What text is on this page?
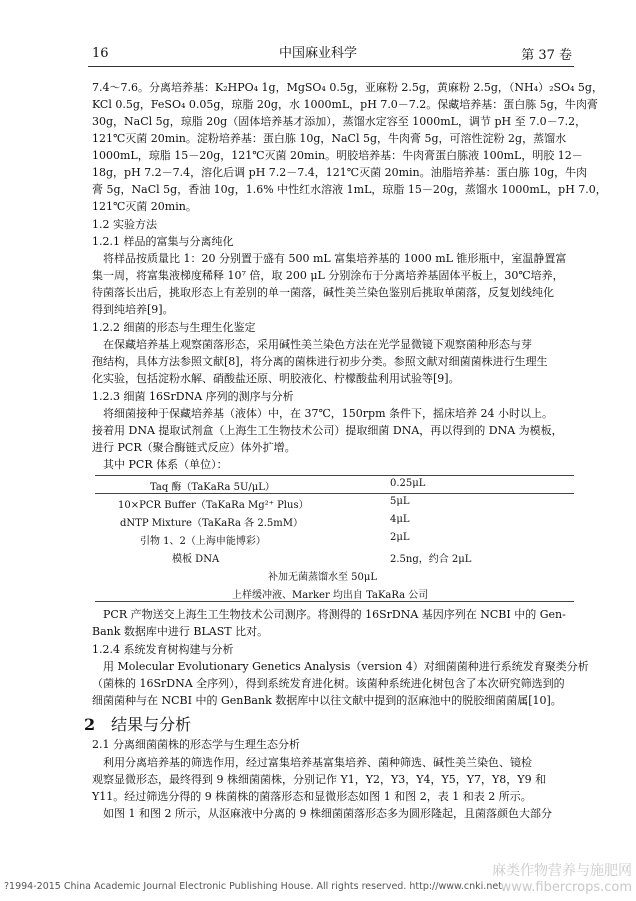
16	中国麻业科学	第 37 卷
7.4～7.6。分离培养基：K₂HPO₄ 1g，MgSO₄ 0.5g，亚麻粉 2.5g，黄麻粉 2.5g，（NH₄）₂SO₄ 5g，
KCl 0.5g，FeSO₄ 0.05g，琼脂 20g，水 1000mL，pH 7.0－7.2。保藏培养基：蛋白胨 5g，牛肉膏
30g，NaCl 5g，琼脂 20g（固体培养基才添加），蒸馏水定容至 1000mL，调节 pH 至 7.0－7.2，
121℃灭菌 20min。淀粉培养基：蛋白胨 10g，NaCl 5g，牛肉膏 5g，可溶性淀粉 2g，蒸馏水
1000mL，琼脂 15－20g，121℃灭菌 20min。明胶培养基：牛肉膏蛋白胨液 100mL，明胶 12－
18g，pH 7.2－7.4，溶化后调 pH 7.2－7.4，121℃灭菌 20min。油脂培养基：蛋白胨 10g，牛肉
膏 5g，NaCl 5g，香油 10g，1.6% 中性红水溶液 1mL，琼脂 15－20g，蒸馏水 1000mL，pH 7.0，
121℃灭菌 20min。
1.2 实验方法
1.2.1 样品的富集与分离纯化
将样品按质量比 1：20 分别置于盛有 500 mL 富集培养基的 1000 mL 锥形瓶中，室温静置富
集一周，将富集液梯度稀释 10⁷ 倍，取 200 μL 分别涂布于分离培养基固体平板上，30℃培养，
待菌落长出后，挑取形态上有差别的单一菌落，碱性美兰染色鉴别后挑取单菌落，反复划线纯化
得到纯培养[9]。
1.2.2 细菌的形态与生理生化鉴定
在保藏培养基上观察菌落形态，采用碱性美兰染色方法在光学显微镜下观察菌种形态与芽
孢结构，具体方法参照文献[8]，将分离的菌株进行初步分类。参照文献对细菌菌株进行生理生
化实验，包括淀粉水解、硝酸盐还原、明胶液化、柠檬酸盐利用试验等[9]。
1.2.3 细菌 16SrDNA 序列的测序与分析
将细菌接种于保藏培养基（液体）中，在 37℃，150rpm 条件下，摇床培养 24 小时以上。
接着用 DNA 提取试剂盒（上海生工生物技术公司）提取细菌 DNA，再以得到的 DNA 为模板，
进行 PCR（聚合酶链式反应）体外扩增。
其中 PCR 体系（单位）：
Taq 酶（TaKaRa 5U/μL）	0.25μL
10×PCR Buffer（TaKaRa Mg²⁺ Plus）	5μL
dNTP Mixture（TaKaRa 各 2.5mM）	4μL
引物 1、2（上海申能博彩）	2μL
模板 DNA	2.5ng，约合 2μL
补加无菌蒸馏水至 50μL
上样缓冲液、Marker 均出自 TaKaRa 公司
PCR 产物送交上海生工生物技术公司测序。将测得的 16SrDNA 基因序列在 NCBI 中的 Gen-
Bank 数据库中进行 BLAST 比对。
1.2.4 系统发育树构建与分析
用 Molecular Evolutionary Genetics Analysis（version 4）对细菌菌种进行系统发育聚类分析
（菌株的 16SrDNA 全序列），得到系统发育进化树。该菌种系统进化树包含了本次研究筛选到的
细菌菌种与在 NCBI 中的 GenBank 数据库中以往文献中提到的沤麻池中的脱胶细菌菌属[10]。
2 结果与分析
2.1 分离细菌菌株的形态学与生理生态分析
利用分离培养基的筛选作用，经过富集培养基富集培养、菌种筛选、碱性美兰染色、镜检
观察显微形态，最终得到 9 株细菌菌株，分别记作 Y1，Y2，Y3，Y4，Y5，Y7，Y8，Y9 和
Y11。经过筛选分得的 9 株菌株的菌落形态和显微形态如图 1 和图 2，表 1 和表 2 所示。
如图 1 和图 2 所示，从沤麻液中分离的 9 株细菌菌落形态多为圆形隆起，且菌落颜色大部分
?1994-2015 China Academic Journal Electronic Publishing House. All rights reserved. http://www.cnki.net
麻类作物营养与施肥网
www.fibercrops.com
